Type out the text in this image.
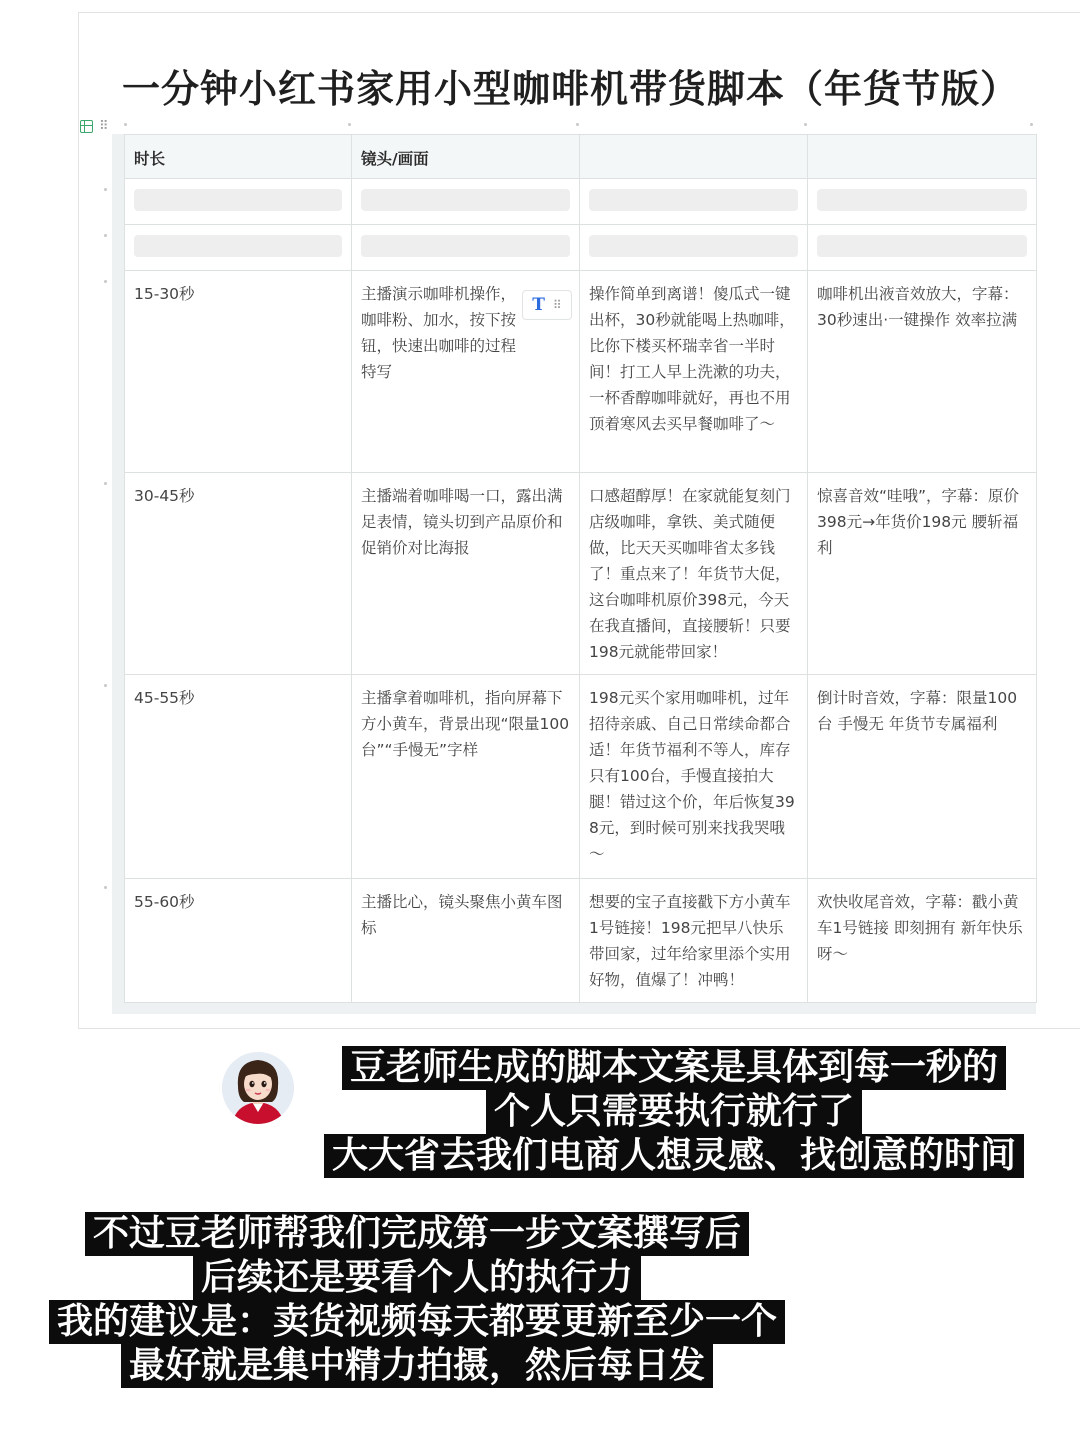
一分钟小红书家用小型咖啡机带货脚本（年货节版）
⠿
时长	镜头/画面		

15-30秒	主播演示咖啡机操作，咖啡粉、加水，按下按钮，快速出咖啡的过程特写	操作简单到离谱！傻瓜式一键出杯，30秒就能喝上热咖啡，比你下楼买杯瑞幸省一半时间！打工人早上洗漱的功夫，一杯香醇咖啡就好，再也不用顶着寒风去买早餐咖啡了～	咖啡机出液音效放大，字幕：30秒速出·一键操作 效率拉满
30-45秒	主播端着咖啡喝一口，露出满足表情，镜头切到产品原价和促销价对比海报	口感超醇厚！在家就能复刻门店级咖啡，拿铁、美式随便做，比天天买咖啡省太多钱了！重点来了！年货节大促，这台咖啡机原价398元，今天在我直播间，直接腰斩！只要198元就能带回家！	惊喜音效“哇哦”，字幕：原价398元→年货价198元 腰斩福利
45-55秒	主播拿着咖啡机，指向屏幕下方小黄车，背景出现“限量100台”“手慢无”字样	198元买个家用咖啡机，过年招待亲戚、自己日常续命都合适！年货节福利不等人，库存只有100台，手慢直接拍大腿！错过这个价，年后恢复398元，到时候可别来找我哭哦～	倒计时音效，字幕：限量100台 手慢无 年货节专属福利
55-60秒	主播比心，镜头聚焦小黄车图标	想要的宝子直接戳下方小黄车1号链接！198元把早八快乐带回家，过年给家里添个实用好物，值爆了！冲鸭！	欢快收尾音效，字幕：戳小黄车1号链接 即刻拥有 新年快乐呀～
T ⠿
豆老师生成的脚本文案是具体到每一秒的
个人只需要执行就行了
大大省去我们电商人想灵感、找创意的时间
不过豆老师帮我们完成第一步文案撰写后
后续还是要看个人的执行力
我的建议是：卖货视频每天都要更新至少一个
最好就是集中精力拍摄，然后每日发
